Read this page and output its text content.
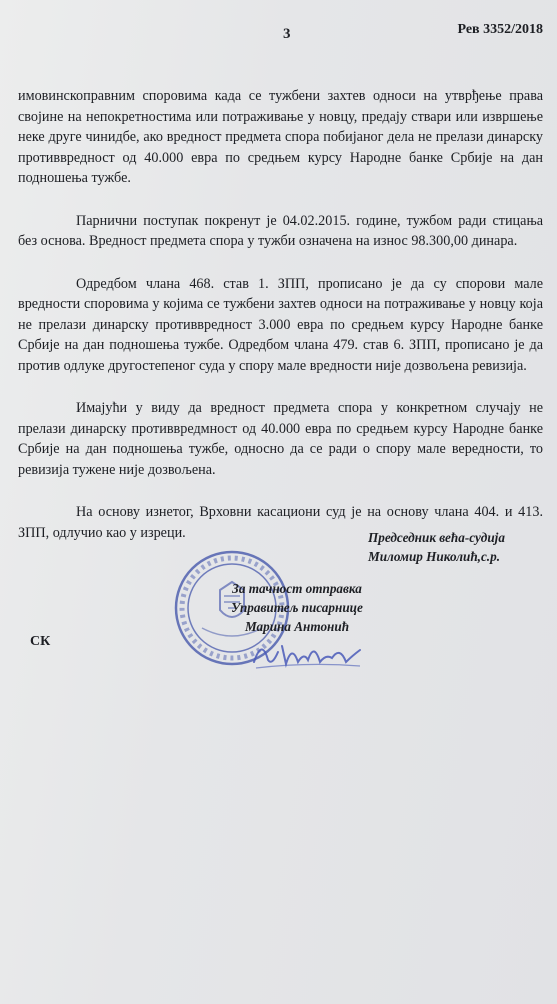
3	Рев 3352/2018

имовинскоправним споровима када се тужбени захтев односи на утврђење права својине на непокретностима или потраживање у новцу, предају ствари или извршење неке друге чинидбе, ако вредност предмета спора побијаног дела не прелази динарску противвредност од 40.000 евра по средњем курсу Народне банке Србије на дан подношења тужбе.

Парнични поступак покренут је 04.02.2015. године, тужбом ради стицања без основа. Вредност предмета спора у тужби означена на износ 98.300,00 динара.

Одредбом члана 468. став 1. ЗПП, прописано је да су спорови мале вредности споровима у којима се тужбени захтев односи на потраживање у новцу која не прелази динарску противвредност 3.000 евра по средњем курсу Народне банке Србије на дан подношења тужбе. Одредбом члана 479. став 6. ЗПП, прописано је да против одлуке другостепеног суда у спору мале вредности није дозвољена ревизија.

Имајући у виду да вредност предмета спора у конкретном случају не прелази динарску противвредмност од 40.000 евра по средњем курсу Народне банке Србије на дан подношења тужбе, односно да се ради о спору мале вередности, то ревизија тужене није дозвољена.

На основу изнетог, Врховни касациони суд је на основу члана 404. и 413. ЗПП, одлучио као у изреци.	Председник већа-судија
Миломир Николић,с.р.
За тачност отправка
Управитељ писарнице
Марина Антонић
СК
